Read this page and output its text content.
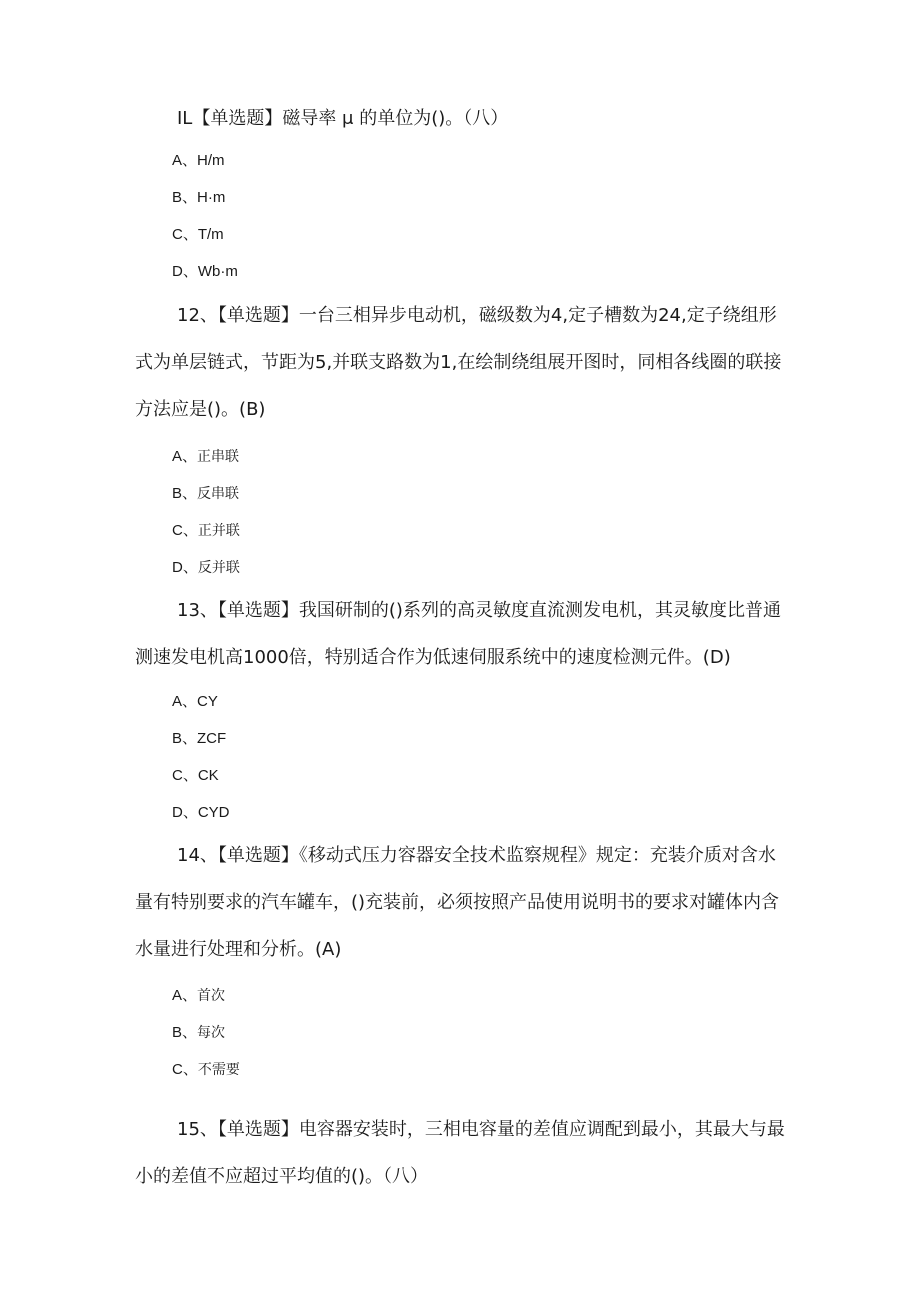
IL【单选题】磁导率 μ 的单位为()。（八）
A、H/m
B、H·m
C、T/m
D、Wb·m
12、【单选题】一台三相异步电动机，磁级数为4,定子槽数为24,定子绕组形式为单层链式，节距为5,并联支路数为1,在绘制绕组展开图时，同相各线圈的联接方法应是()。(B)
A、正串联
B、反串联
C、正并联
D、反并联
13、【单选题】我国研制的()系列的高灵敏度直流测发电机，其灵敏度比普通测速发电机高1000倍，特别适合作为低速伺服系统中的速度检测元件。(D)
A、CY
B、ZCF
C、CK
D、CYD
14、【单选题】《移动式压力容器安全技术监察规程》规定：充装介质对含水量有特别要求的汽车罐车，()充装前，必须按照产品使用说明书的要求对罐体内含水量进行处理和分析。(A)
A、首次
B、每次
C、不需要
15、【单选题】电容器安装时，三相电容量的差值应调配到最小，其最大与最小的差值不应超过平均值的()。（八）
